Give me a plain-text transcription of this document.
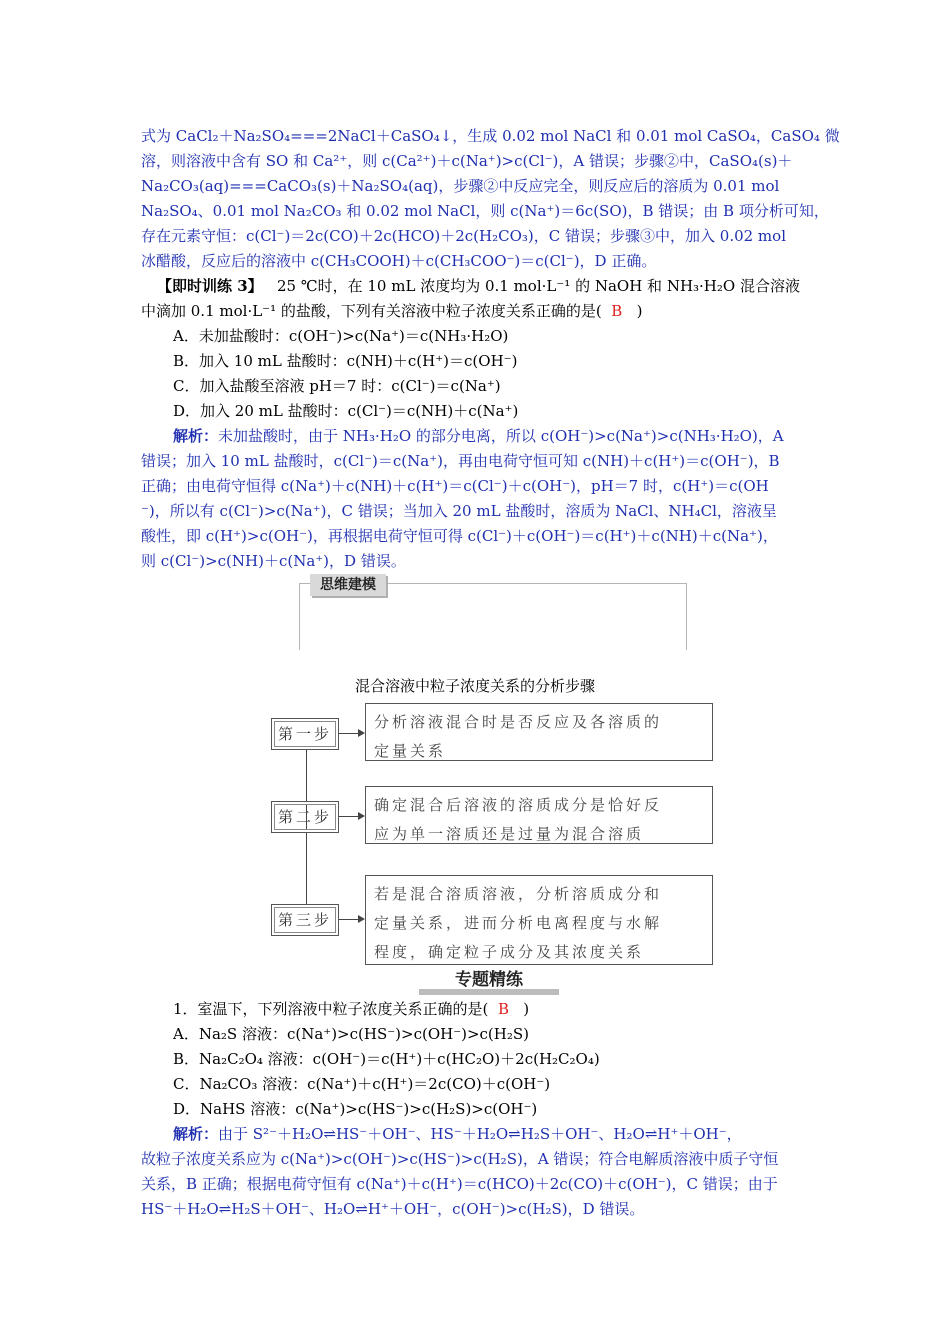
式为 CaCl₂＋Na₂SO₄===2NaCl＋CaSO₄↓，生成 0.02 mol NaCl 和 0.01 mol CaSO₄，CaSO₄ 微
溶，则溶液中含有 SO 和 Ca²⁺，则 c(Ca²⁺)＋c(Na⁺)>c(Cl⁻)，A 错误；步骤②中，CaSO₄(s)＋
Na₂CO₃(aq)===CaCO₃(s)＋Na₂SO₄(aq)，步骤②中反应完全，则反应后的溶质为 0.01 mol
Na₂SO₄、0.01 mol Na₂CO₃ 和 0.02 mol NaCl，则 c(Na⁺)＝6c(SO)，B 错误；由 B 项分析可知，
存在元素守恒：c(Cl⁻)＝2c(CO)＋2c(HCO)＋2c(H₂CO₃)，C 错误；步骤③中，加入 0.02 mol
冰醋酸，反应后的溶液中 c(CH₃COOH)＋c(CH₃COO⁻)＝c(Cl⁻)，D 正确。
【即时训练 3】 25 ℃时，在 10 mL 浓度均为 0.1 mol·L⁻¹ 的 NaOH 和 NH₃·H₂O 混合溶液
中滴加 0.1 mol·L⁻¹ 的盐酸，下列有关溶液中粒子浓度关系正确的是( B )
A．未加盐酸时：c(OH⁻)>c(Na⁺)＝c(NH₃·H₂O)
B．加入 10 mL 盐酸时：c(NH)＋c(H⁺)＝c(OH⁻)
C．加入盐酸至溶液 pH＝7 时：c(Cl⁻)＝c(Na⁺)
D．加入 20 mL 盐酸时：c(Cl⁻)＝c(NH)＋c(Na⁺)
解析：未加盐酸时，由于 NH₃·H₂O 的部分电离，所以 c(OH⁻)>c(Na⁺)>c(NH₃·H₂O)，A
错误；加入 10 mL 盐酸时，c(Cl⁻)＝c(Na⁺)，再由电荷守恒可知 c(NH)＋c(H⁺)＝c(OH⁻)，B
正确；由电荷守恒得 c(Na⁺)＋c(NH)＋c(H⁺)＝c(Cl⁻)＋c(OH⁻)，pH＝7 时，c(H⁺)＝c(OH
⁻)，所以有 c(Cl⁻)>c(Na⁺)，C 错误；当加入 20 mL 盐酸时，溶质为 NaCl、NH₄Cl，溶液呈
酸性，即 c(H⁺)>c(OH⁻)，再根据电荷守恒可得 c(Cl⁻)＋c(OH⁻)＝c(H⁺)＋c(NH)＋c(Na⁺)，
则 c(Cl⁻)>c(NH)＋c(Na⁺)，D 错误。
思维建模
混合溶液中粒子浓度关系的分析步骤
第一步
分析溶液混合时是否反应及各溶质的
定量关系
第二步
确定混合后溶液的溶质成分是恰好反
应为单一溶质还是过量为混合溶质
第三步
若是混合溶质溶液，分析溶质成分和
定量关系，进而分析电离程度与水解
程度，确定粒子成分及其浓度关系
专题精练
1．室温下，下列溶液中粒子浓度关系正确的是( B )
A．Na₂S 溶液：c(Na⁺)>c(HS⁻)>c(OH⁻)>c(H₂S)
B．Na₂C₂O₄ 溶液：c(OH⁻)＝c(H⁺)＋c(HC₂O)＋2c(H₂C₂O₄)
C．Na₂CO₃ 溶液：c(Na⁺)＋c(H⁺)＝2c(CO)＋c(OH⁻)
D．NaHS 溶液：c(Na⁺)>c(HS⁻)>c(H₂S)>c(OH⁻)
解析：由于 S²⁻＋H₂O⇌HS⁻＋OH⁻、HS⁻＋H₂O⇌H₂S＋OH⁻、H₂O⇌H⁺＋OH⁻，
故粒子浓度关系应为 c(Na⁺)>c(OH⁻)>c(HS⁻)>c(H₂S)，A 错误；符合电解质溶液中质子守恒
关系，B 正确；根据电荷守恒有 c(Na⁺)＋c(H⁺)＝c(HCO)＋2c(CO)＋c(OH⁻)，C 错误；由于
HS⁻＋H₂O⇌H₂S＋OH⁻、H₂O⇌H⁺＋OH⁻，c(OH⁻)>c(H₂S)，D 错误。
